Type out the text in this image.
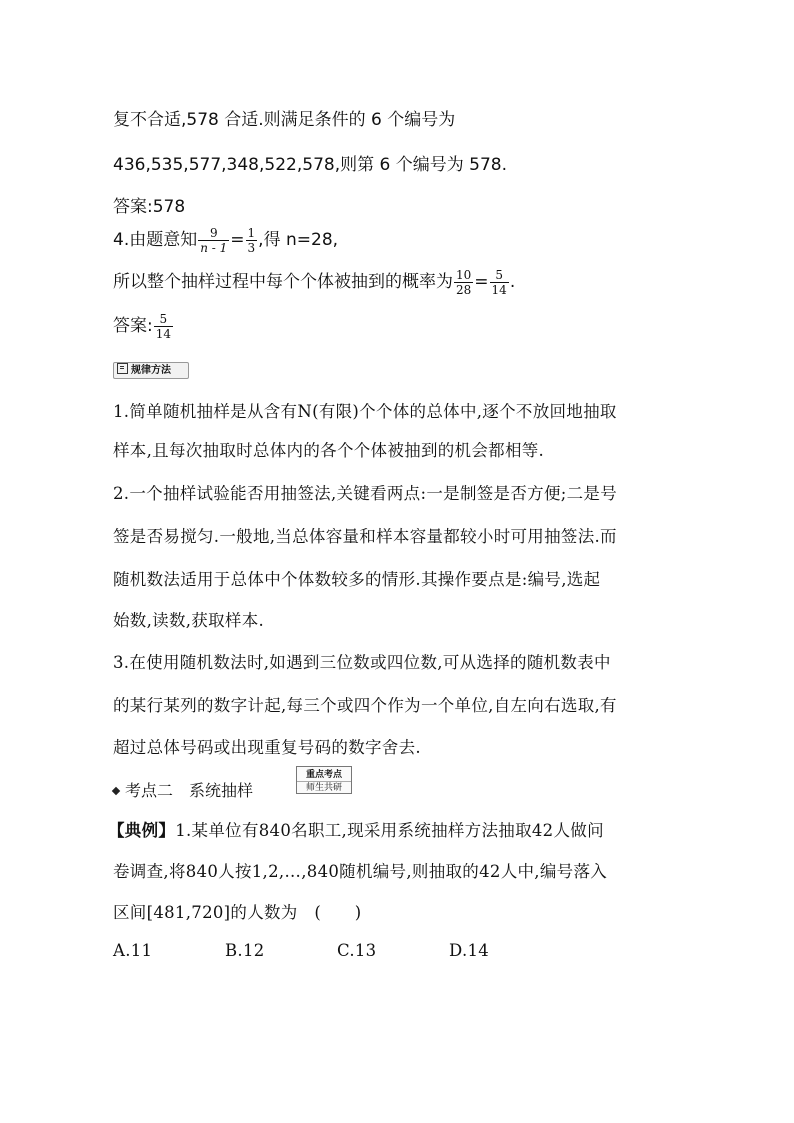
复不合适,578 合适.则满足条件的 6 个编号为
436,535,577,348,522,578,则第 6 个编号为 578.
答案:578
4.由题意知 $\frac{9}{n - 1} = \frac{1}{3}$ ,得 n=28,
所以整个抽样过程中每个个体被抽到的概率为 $\frac{10}{28} = \frac{5}{14}$ .
答案: $\frac{5}{14}$
规律方法
1.简单随机抽样是从含有N(有限)个个体的总体中,逐个不放回地抽取
样本,且每次抽取时总体内的各个个体被抽到的机会都相等.
2.一个抽样试验能否用抽签法,关键看两点:一是制签是否方便;二是号
签是否易搅匀.一般地,当总体容量和样本容量都较小时可用抽签法.而
随机数法适用于总体中个体数较多的情形.其操作要点是:编号,选起
始数,读数,获取样本.
3.在使用随机数法时,如遇到三位数或四位数,可从选择的随机数表中
的某行某列的数字计起,每三个或四个作为一个单位,自左向右选取,有
超过总体号码或出现重复号码的数字舍去.
考点二　系统抽样
重点考点
师生共研
【典例】1.某单位有840名职工,现采用系统抽样方法抽取42人做问
卷调查,将840人按1,2,…,840随机编号,则抽取的42人中,编号落入
区间[481,720]的人数为　(　　)
A.11	B.12	C.13	D.14
